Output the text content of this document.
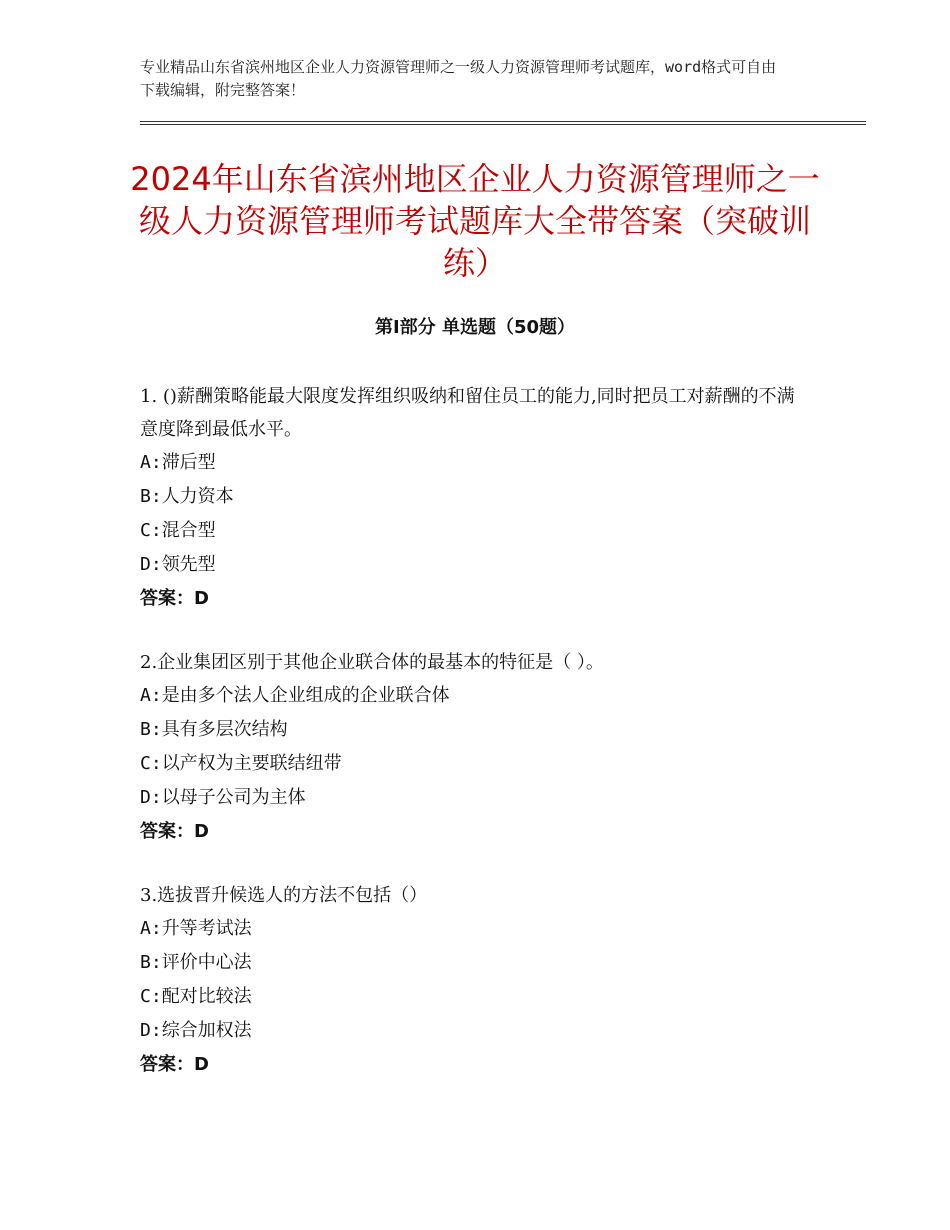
专业精品山东省滨州地区企业人力资源管理师之一级人力资源管理师考试题库，word格式可自由下载编辑，附完整答案！
2024年山东省滨州地区企业人力资源管理师之一级人力资源管理师考试题库大全带答案（突破训练）
第Ⅰ部分 单选题（50题）

1. ()薪酬策略能最大限度发挥组织吸纳和留住员工的能力,同时把员工对薪酬的不满意度降到最低水平。

A:滞后型

B:人力资本

C:混合型

D:领先型

答案：D

2.企业集团区别于其他企业联合体的最基本的特征是（ ）。

A:是由多个法人企业组成的企业联合体

B:具有多层次结构

C:以产权为主要联结纽带

D:以母子公司为主体

答案：D

3.选拔晋升候选人的方法不包括（）

A:升等考试法

B:评价中心法

C:配对比较法

D:综合加权法

答案：D
